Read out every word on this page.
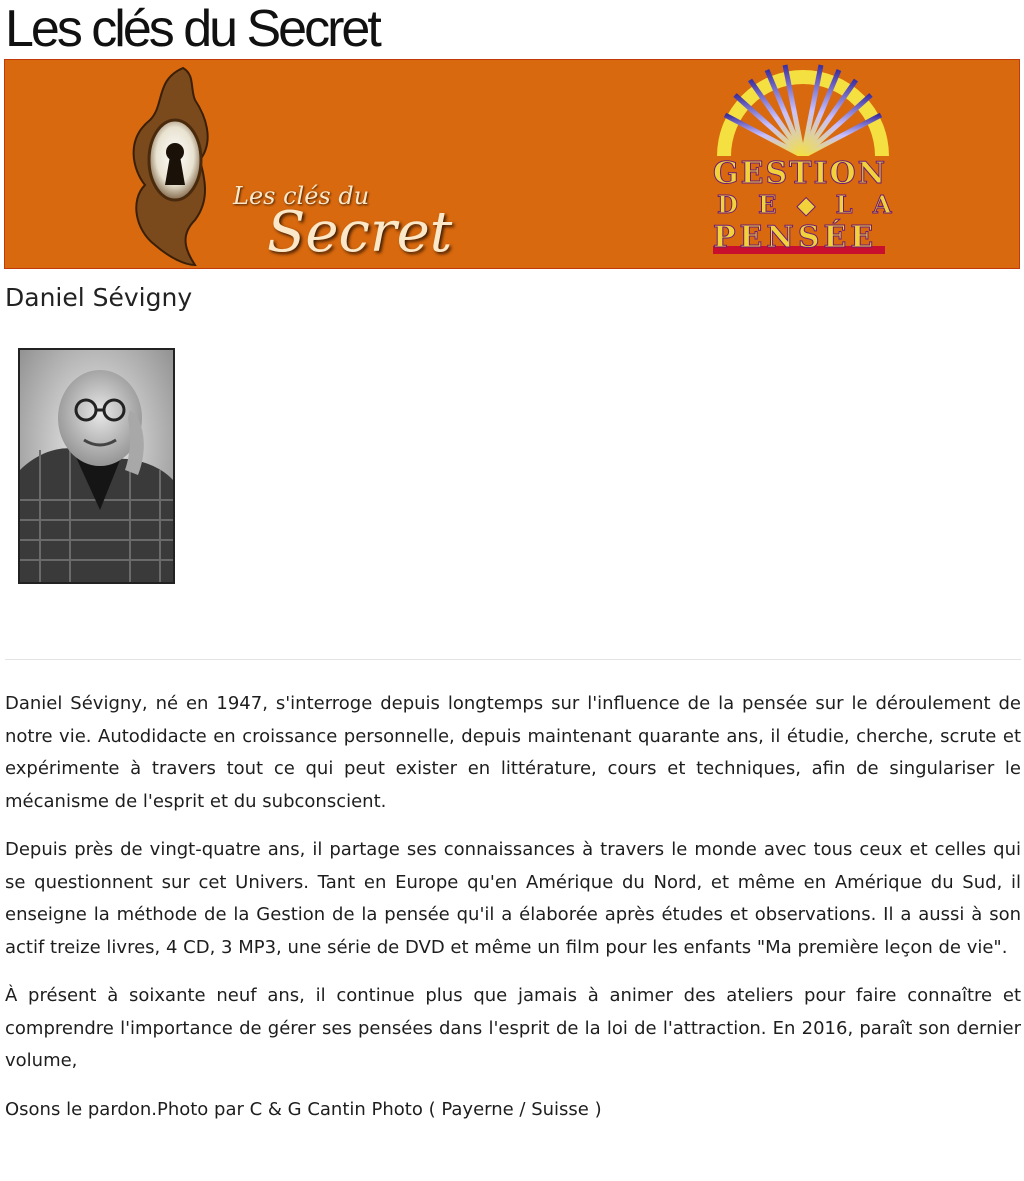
Les clés du Secret
Les clés du
Secret
GESTION
D E ◆ L A
PENSÉE
Daniel Sévigny

Daniel Sévigny, né en 1947, s'interroge depuis longtemps sur l'influence de la pensée sur le déroulement de notre vie. Autodidacte en croissance personnelle, depuis maintenant quarante ans, il étudie, cherche, scrute et expérimente à travers tout ce qui peut exister en littérature, cours et techniques, afin de singulariser le mécanisme de l'esprit et du subconscient.

Depuis près de vingt-quatre ans, il partage ses connaissances à travers le monde avec tous ceux et celles qui se questionnent sur cet Univers. Tant en Europe qu'en Amérique du Nord, et même en Amérique du Sud, il enseigne la méthode de la Gestion de la pensée qu'il a élaborée après études et observations. Il a aussi à son actif treize livres, 4 CD, 3 MP3, une série de DVD et même un film pour les enfants "Ma première leçon de vie".

À présent à soixante neuf ans, il continue plus que jamais à animer des ateliers pour faire connaître et comprendre l'importance de gérer ses pensées dans l'esprit de la loi de l'attraction. En 2016, paraît son dernier volume,

Osons le pardon.Photo par C & G Cantin Photo ( Payerne / Suisse )
